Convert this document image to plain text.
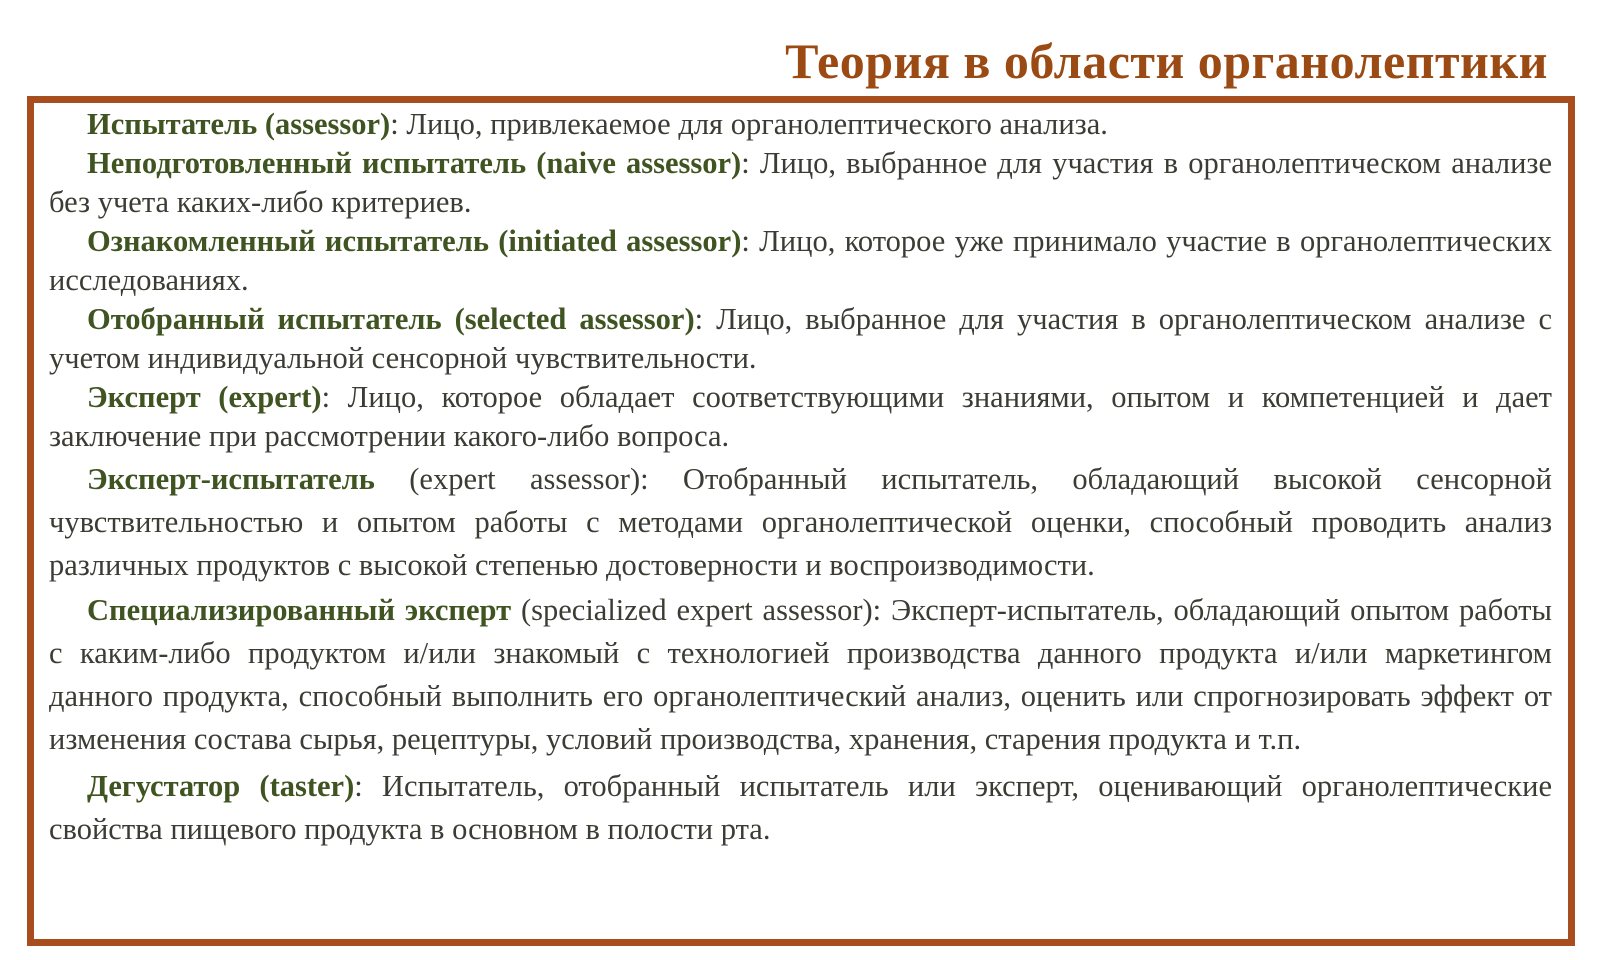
Теория в области органолептики

Испытатель (assessor): Лицо, привлекаемое для органолептического анализа.

Неподготовленный испытатель (naive assessor): Лицо, выбранное для участия в органолептическом анализе без учета каких-либо критериев.

Ознакомленный испытатель (initiated assessor): Лицо, которое уже принимало участие в органолептических исследованиях.

Отобранный испытатель (selected assessor): Лицо, выбранное для участия в органолептическом анализе с учетом индивидуальной сенсорной чувствительности.

Эксперт (expert): Лицо, которое обладает соответствующими знаниями, опытом и компетенцией и дает заключение при рассмотрении какого-либо вопроса.

Эксперт-испытатель (expert assessor): Отобранный испытатель, обладающий высокой сенсорной чувствительностью и опытом работы с методами органолептической оценки, способный проводить анализ различных продуктов с высокой степенью достоверности и воспроизводимости.

Специализированный эксперт (specialized expert assessor): Эксперт-испытатель, обладающий опытом работы с каким-либо продуктом и/или знакомый с технологией производства данного продукта и/или маркетингом данного продукта, способный выполнить его органолептический анализ, оценить или спрогнозировать эффект от изменения состава сырья, рецептуры, условий производства, хранения, старения продукта и т.п.

Дегустатор (taster): Испытатель, отобранный испытатель или эксперт, оценивающий органолептические свойства пищевого продукта в основном в полости рта.
